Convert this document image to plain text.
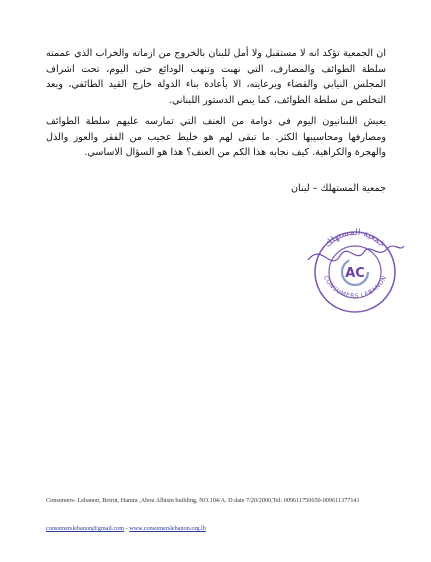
ان الجمعية تؤكد انه لا مستقبل ولا أمل للبنان بالخروج من ازماته والخراب الذي عممته سلطة الطوائف والمصارف، التي نهبت وتنهب الودائع حتى اليوم، تحت اشراف المجلس النيابي والقضاء وبرعايته، الا بأعادة بناء الدولة خارج القيد الطائفي، وبعد التخلص من سلطة الطوائف، كما ينص الدستور اللبناني.

يعيش اللبنانيون اليوم في دوامة من العنف التي تمارسه عليهم سلطة الطوائف ومصارفها ومحاسيبها الكثر. ما تبقى لهم هو خليط عجيب من الفقر والعوز والذل والهجرة والكراهية. كيف نجابه هذا الكم من العنف؟ هذا هو السؤال الاساسي.

جمعية المستهلك – لبنان
جمعية المستهلك
CONSUMERS LEBANON
AC
Consumers- Lebanon, Beirut, Hamra ,Abou Alhisin building, NO.104/A. D date 7/20/2000,Tel: 009611750650-009611377141
consumerslebanon@gmail.com - www.consumerslebanon.org.lb
